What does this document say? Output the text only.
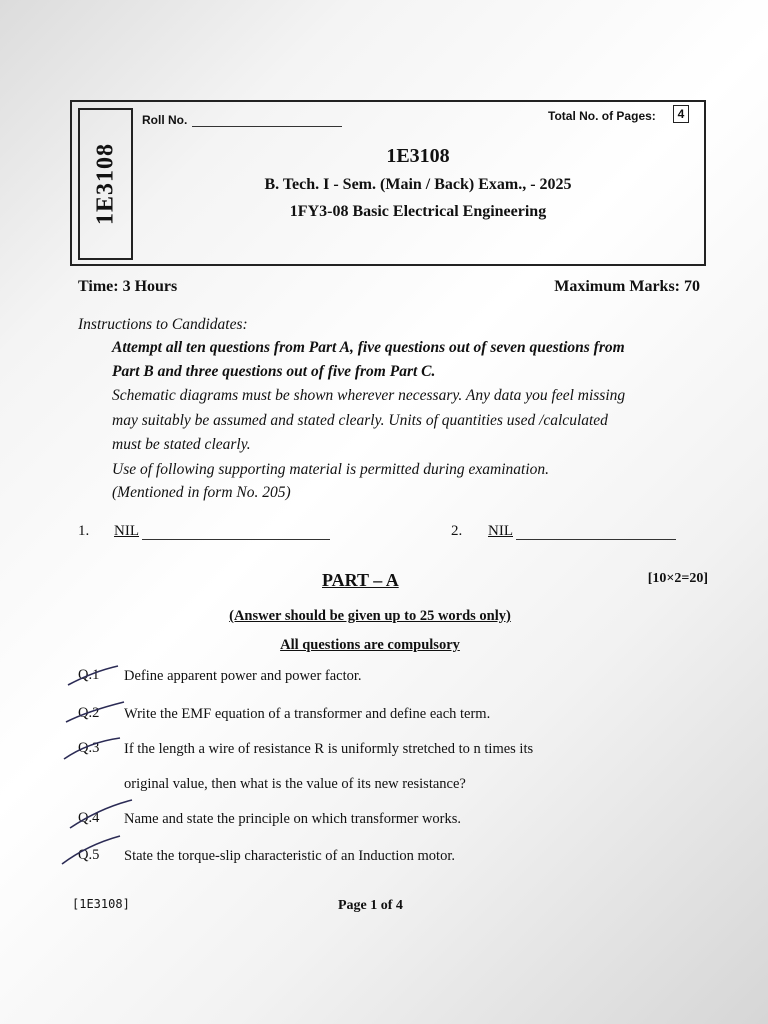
1E3108
Roll No.	Total No. of Pages:	4
1E3108
B. Tech. I - Sem. (Main / Back) Exam., - 2025
1FY3-08 Basic Electrical Engineering
Time: 3 Hours	Maximum Marks: 70
Instructions to Candidates:
Attempt all ten questions from Part A, five questions out of seven questions from
Part B and three questions out of five from Part C.
Schematic diagrams must be shown wherever necessary. Any data you feel missing
may suitably be assumed and stated clearly. Units of quantities used /calculated
must be stated clearly.
Use of following supporting material is permitted during examination.
(Mentioned in form No. 205)
1. NIL	2. NIL
PART – A	[10×2=20]
(Answer should be given up to 25 words only)
All questions are compulsory
Q.1 Define apparent power and power factor.
Q.2 Write the EMF equation of a transformer and define each term.
Q.3 If the length a wire of resistance R is uniformly stretched to n times its
original value, then what is the value of its new resistance?
Q.4 Name and state the principle on which transformer works.
Q.5 State the torque-slip characteristic of an Induction motor.
[1E3108]	Page 1 of 4
